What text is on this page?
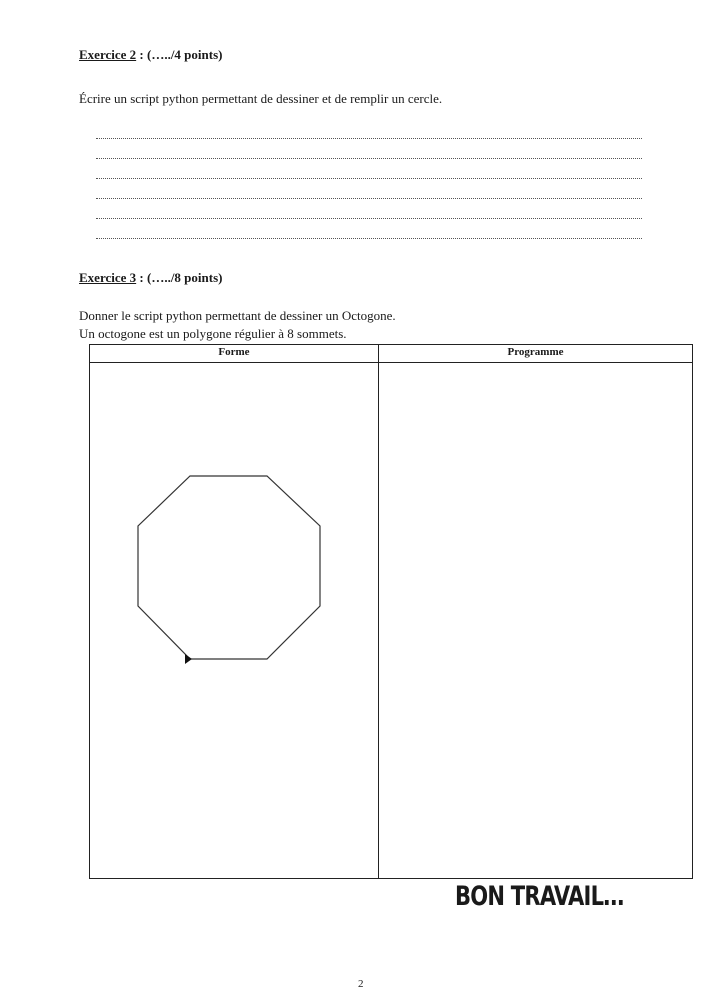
Exercice 2 : (…../4 points)
Écrire un script python permettant de dessiner et de remplir un cercle.
Exercice 3 : (…../8 points)
Donner le script python permettant de dessiner un Octogone.
Un octogone est un polygone régulier à 8 sommets.
Forme	Programme
BON TRAVAIL…
2
